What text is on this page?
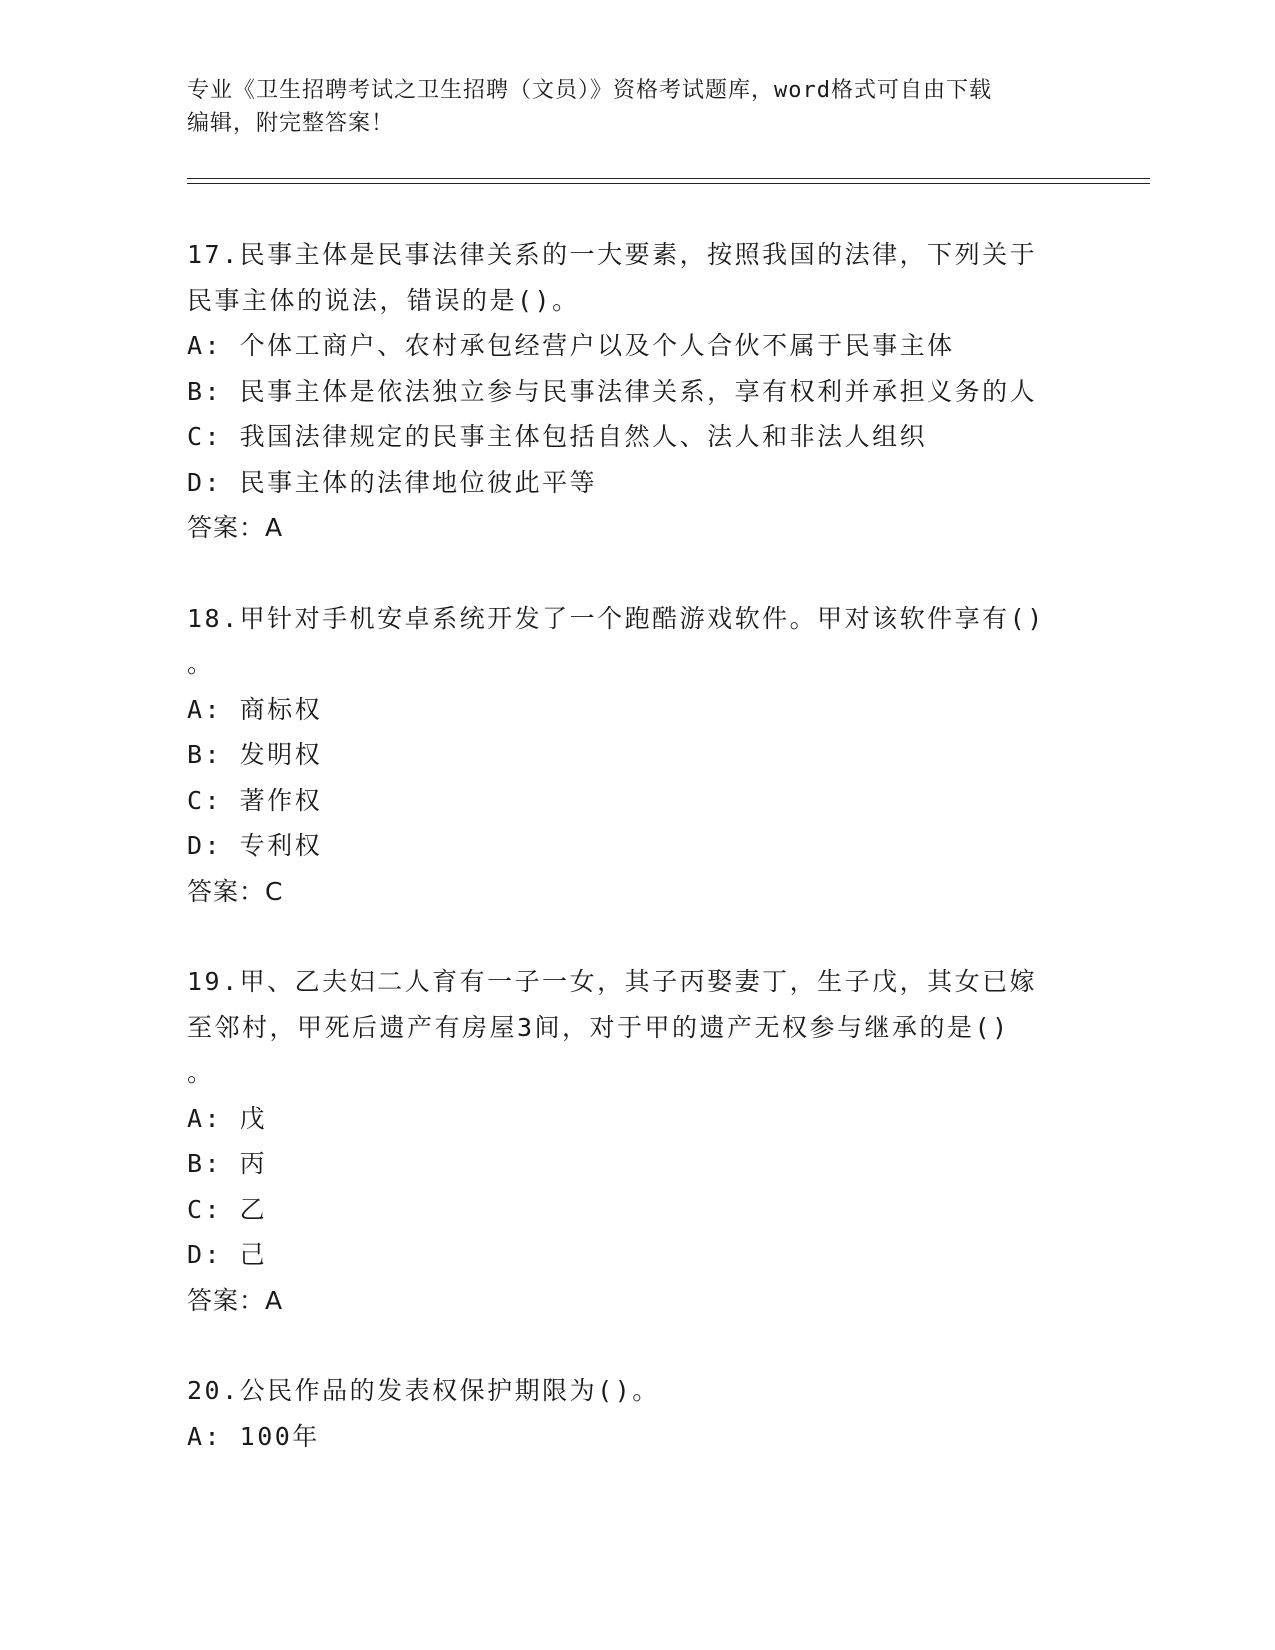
专业《卫生招聘考试之卫生招聘（文员）》资格考试题库，word格式可自由下载
编辑，附完整答案！
17.民事主体是民事法律关系的一大要素，按照我国的法律，下列关于
民事主体的说法，错误的是()。
A: 个体工商户、农村承包经营户以及个人合伙不属于民事主体
B: 民事主体是依法独立参与民事法律关系，享有权利并承担义务的人
C: 我国法律规定的民事主体包括自然人、法人和非法人组织
D: 民事主体的法律地位彼此平等
答案：A
18.甲针对手机安卓系统开发了一个跑酷游戏软件。甲对该软件享有()
。
A: 商标权
B: 发明权
C: 著作权
D: 专利权
答案：C
19.甲、乙夫妇二人育有一子一女，其子丙娶妻丁，生子戊，其女已嫁
至邻村，甲死后遗产有房屋3间，对于甲的遗产无权参与继承的是()
。
A: 戊
B: 丙
C: 乙
D: 己
答案：A
20.公民作品的发表权保护期限为()。
A: 100年
